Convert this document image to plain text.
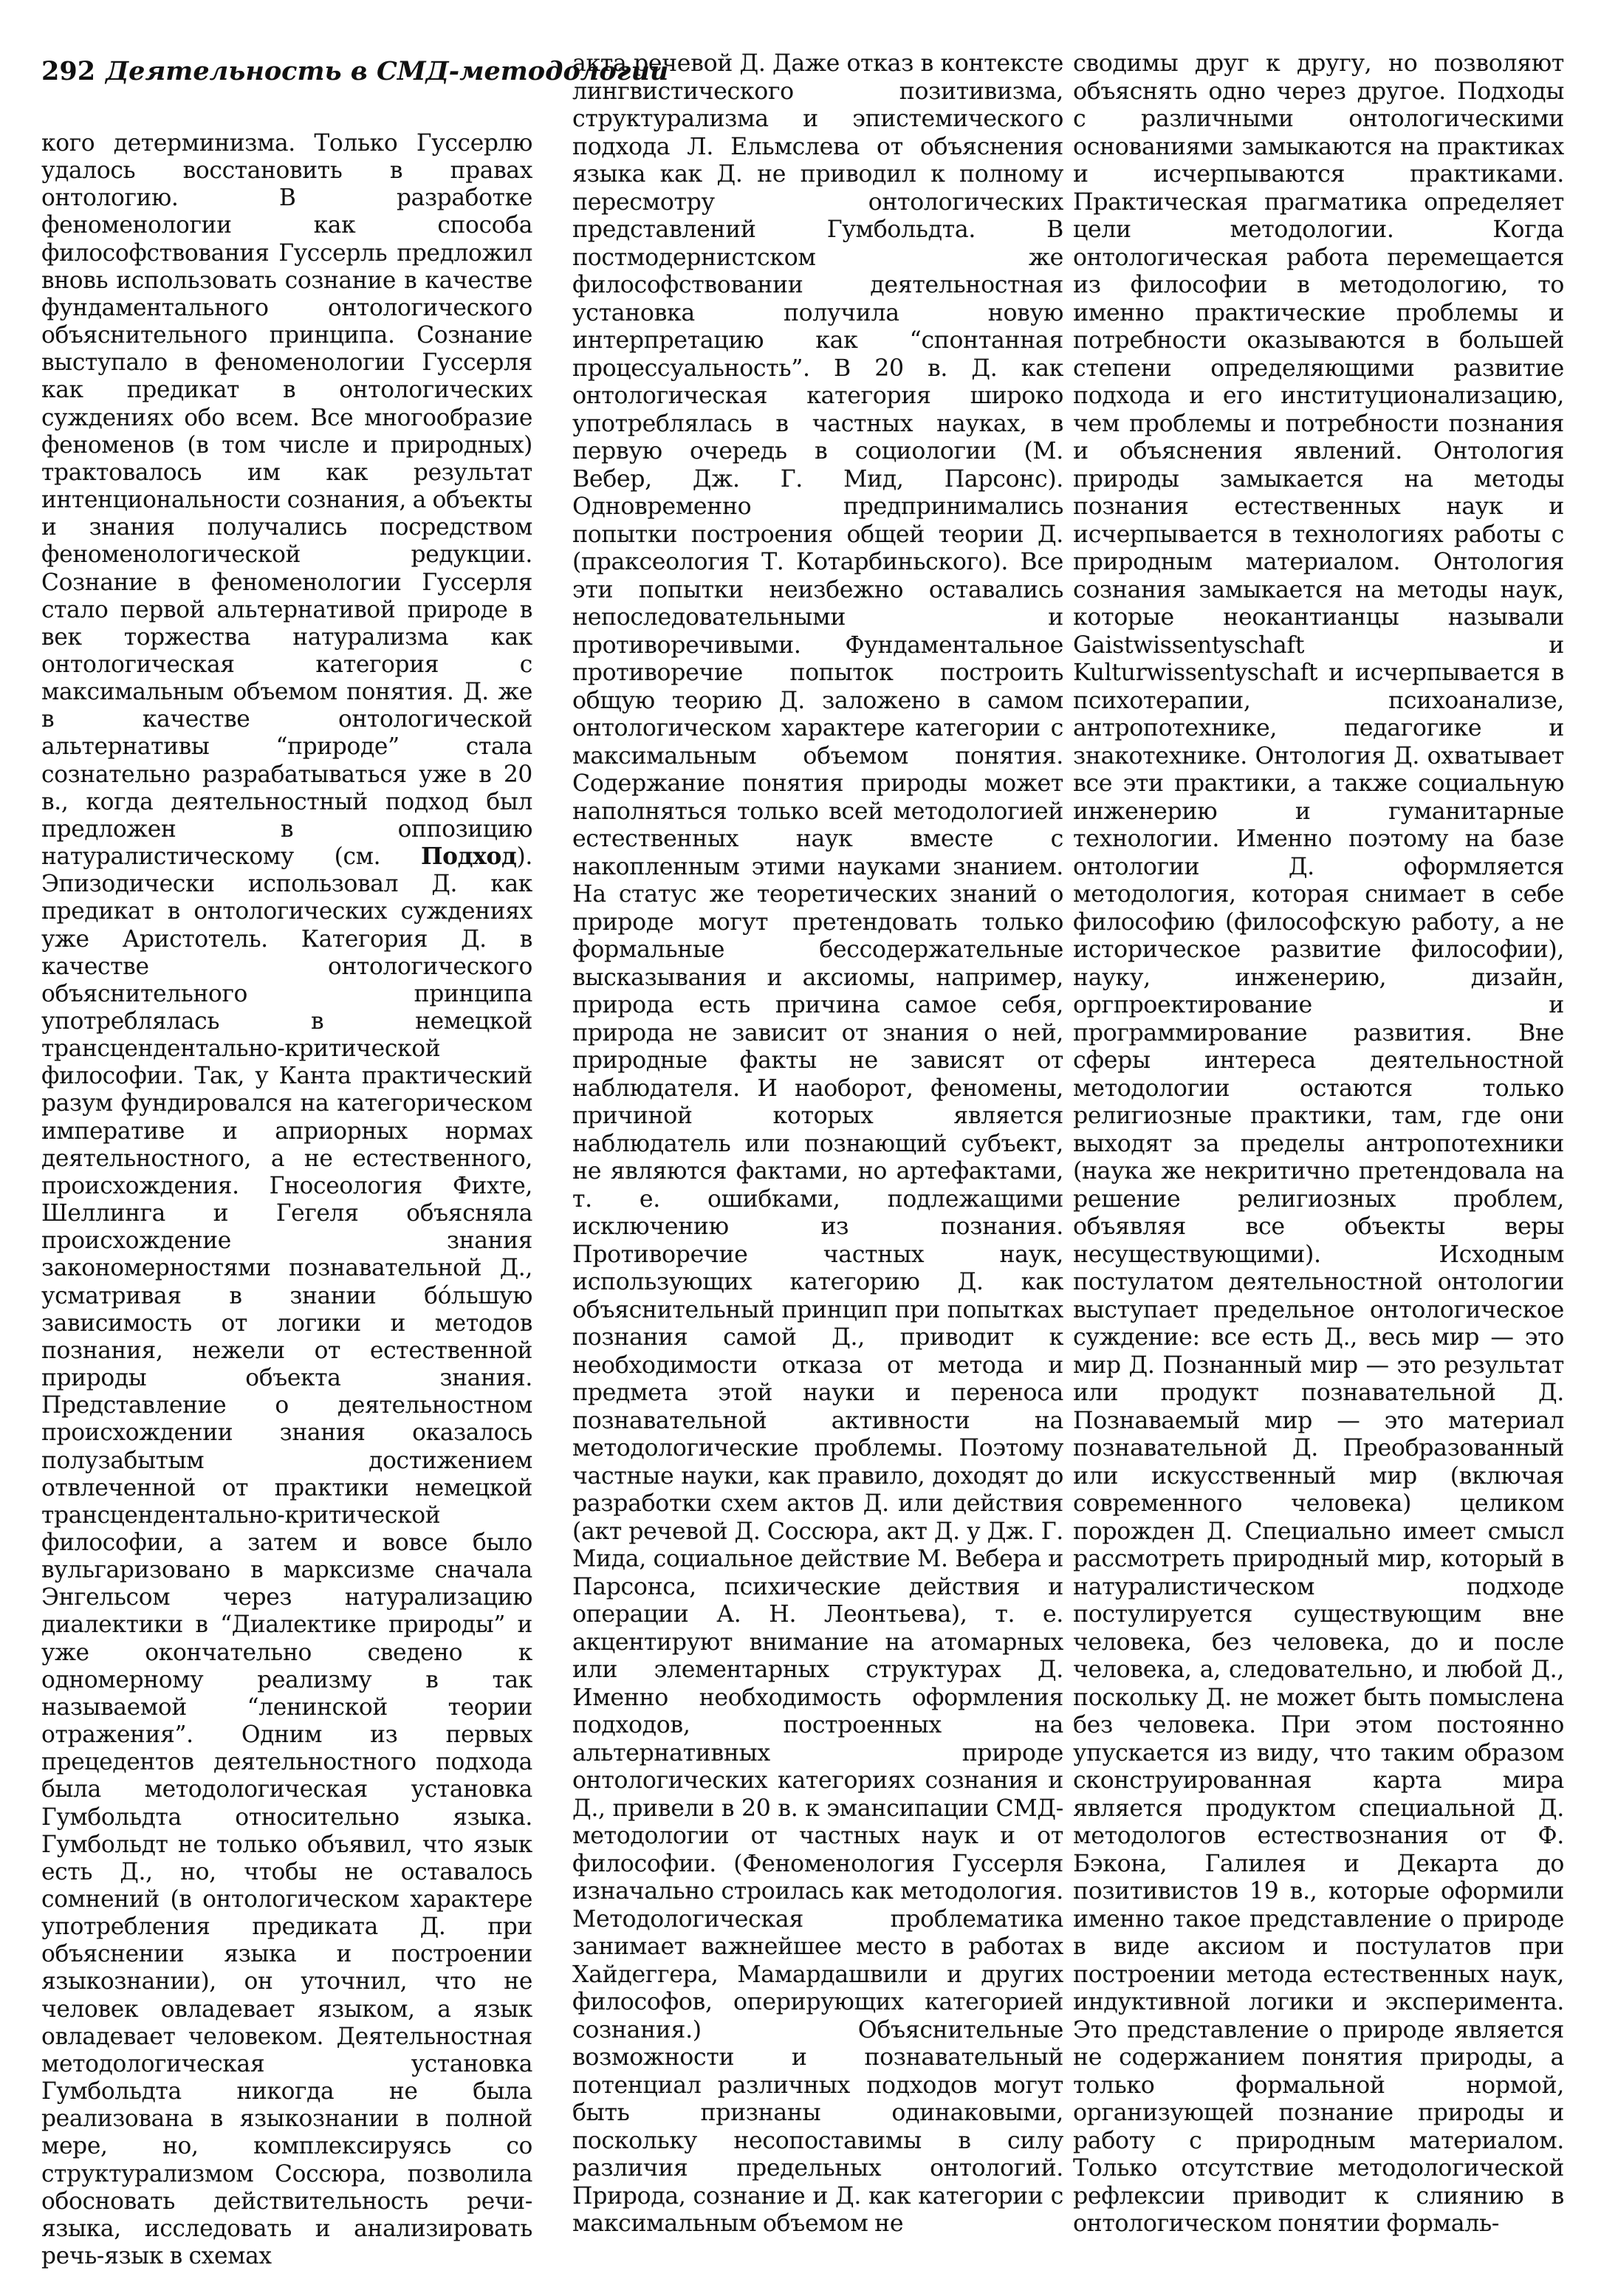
292 Деятельность в СМД-методологии

кого детерминизма. Только Гуссерлю удалось восстановить в правах онтологию. В разработке феноменологии как способа философствования Гуссерль предложил вновь использовать сознание в качестве фундаментального онтологического объяснительного принципа. Сознание выступало в феноменологии Гуссерля как предикат в онтологических суждениях обо всем. Все многообразие феноменов (в том числе и природных) трактовалось им как результат интенциональности сознания, а объекты и знания получались посредством феноменологической редукции. Сознание в феноменологии Гуссерля стало первой альтернативой природе в век торжества натурализма как онтологическая категория с максимальным объемом понятия. Д. же в качестве онтологической альтернативы “природе” стала сознательно разрабатываться уже в 20 в., когда деятельностный подход был предложен в оппозицию натуралистическому (см. Подход). Эпизодически использовал Д. как предикат в онтологических суждениях уже Аристотель. Категория Д. в качестве онтологического объяснительного принципа употреблялась в немецкой трансцендентально-критической философии. Так, у Канта практический разум фундировался на категорическом императиве и априорных нормах деятельностного, а не естественного, происхождения. Гносеология Фихте, Шеллинга и Гегеля объясняла происхождение знания закономерностями познавательной Д., усматривая в знании бо́льшую зависимость от логики и методов познания, нежели от естественной природы объекта знания. Представление о деятельностном происхождении знания оказалось полузабытым достижением отвлеченной от практики немецкой трансцендентально-критической философии, а затем и вовсе было вульгаризовано в марксизме сначала Энгельсом через натурализацию диалектики в “Диалектике природы” и уже окончательно сведено к одномерному реализму в так называемой “ленинской теории отражения”. Одним из первых прецедентов деятельностного подхода была методологическая установка Гумбольдта относительно языка. Гумбольдт не только объявил, что язык есть Д., но, чтобы не оставалось сомнений (в онтологическом характере употребления предиката Д. при объяснении языка и построении языкознании), он уточнил, что не человек овладевает языком, а язык овладевает человеком. Деятельностная методологическая установка Гумбольдта никогда не была реализована в языкознании в полной мере, но, комплексируясь со структурализмом Соссюра, позволила обосновать действительность речи-языка, исследовать и анализировать речь-язык в схемах

акта речевой Д. Даже отказ в контексте лингвистического позитивизма, структурализма и эпистемического подхода Л. Ельмслева от объяснения языка как Д. не приводил к полному пересмотру онтологических представлений Гумбольдта. В постмодернистском же философствовании деятельностная установка получила новую интерпретацию как “спонтанная процессуальность”. В 20 в. Д. как онтологическая категория широко употреблялась в частных науках, в первую очередь в социологии (М. Вебер, Дж. Г. Мид, Парсонс). Одновременно предпринимались попытки построения общей теории Д. (праксеология Т. Котарбиньского). Все эти попытки неизбежно оставались непоследовательными и противоречивыми. Фундаментальное противоречие попыток построить общую теорию Д. заложено в самом онтологическом характере категории с максимальным объемом понятия. Содержание понятия природы может наполняться только всей методологией естественных наук вместе с накопленным этими науками знанием. На статус же теоретических знаний о природе могут претендовать только формальные бессодержательные высказывания и аксиомы, например, природа есть причина самое себя, природа не зависит от знания о ней, природные факты не зависят от наблюдателя. И наоборот, феномены, причиной которых является наблюдатель или познающий субъект, не являются фактами, но артефактами, т. е. ошибками, подлежащими исключению из познания. Противоречие частных наук, использующих категорию Д. как объяснительный принцип при попытках познания самой Д., приводит к необходимости отказа от метода и предмета этой науки и переноса познавательной активности на методологические проблемы. Поэтому частные науки, как правило, доходят до разработки схем актов Д. или действия (акт речевой Д. Соссюра, акт Д. у Дж. Г. Мида, социальное действие М. Вебера и Парсонса, психические действия и операции А. Н. Леонтьева), т. е. акцентируют внимание на атомарных или элементарных структурах Д. Именно необходимость оформления подходов, построенных на альтернативных природе онтологических категориях сознания и Д., привели в 20 в. к эмансипации СМД-методологии от частных наук и от философии. (Феноменология Гуссерля изначально строилась как методология. Методологическая проблематика занимает важнейшее место в работах Хайдеггера, Мамардашвили и других философов, оперирующих категорией сознания.) Объяснительные возможности и познавательный потенциал различных подходов могут быть признаны одинаковыми, поскольку несопоставимы в силу различия предельных онтологий. Природа, сознание и Д. как категории с максимальным объемом не

сводимы друг к другу, но позволяют объяснять одно через другое. Подходы с различными онтологическими основаниями замыкаются на практиках и исчерпываются практиками. Практическая прагматика определяет цели методологии. Когда онтологическая работа перемещается из философии в методологию, то именно практические проблемы и потребности оказываются в большей степени определяющими развитие подхода и его институционализацию, чем проблемы и потребности познания и объяснения явлений. Онтология природы замыкается на методы познания естественных наук и исчерпывается в технологиях работы с природным материалом. Онтология сознания замыкается на методы наук, которые неокантианцы называли Gaistwissentyschaft и Kulturwissentyschaft и исчерпывается в психотерапии, психоанализе, антропотехнике, педагогике и знакотехнике. Онтология Д. охватывает все эти практики, а также социальную инженерию и гуманитарные технологии. Именно поэтому на базе онтологии Д. оформляется методология, которая снимает в себе философию (философскую работу, а не историческое развитие философии), науку, инженерию, дизайн, оргпроектирование и программирование развития. Вне сферы интереса деятельностной методологии остаются только религиозные практики, там, где они выходят за пределы антропотехники (наука же некритично претендовала на решение религиозных проблем, объявляя все объекты веры несуществующими). Исходным постулатом деятельностной онтологии выступает предельное онтологическое суждение: все есть Д., весь мир — это мир Д. Познанный мир — это результат или продукт познавательной Д. Познаваемый мир — это материал познавательной Д. Преобразованный или искусственный мир (включая современного человека) целиком порожден Д. Специально имеет смысл рассмотреть природный мир, который в натуралистическом подходе постулируется существующим вне человека, без человека, до и после человека, а, следовательно, и любой Д., поскольку Д. не может быть помыслена без человека. При этом постоянно упускается из виду, что таким образом сконструированная карта мира является продуктом специальной Д. методологов естествознания от Ф. Бэкона, Галилея и Декарта до позитивистов 19 в., которые оформили именно такое представление о природе в виде аксиом и постулатов при построении метода естественных наук, индуктивной логики и эксперимента. Это представление о природе является не содержанием понятия природы, а только формальной нормой, организующей познание природы и работу с природным материалом. Только отсутствие методологической рефлексии приводит к слиянию в онтологическом понятии формаль-
